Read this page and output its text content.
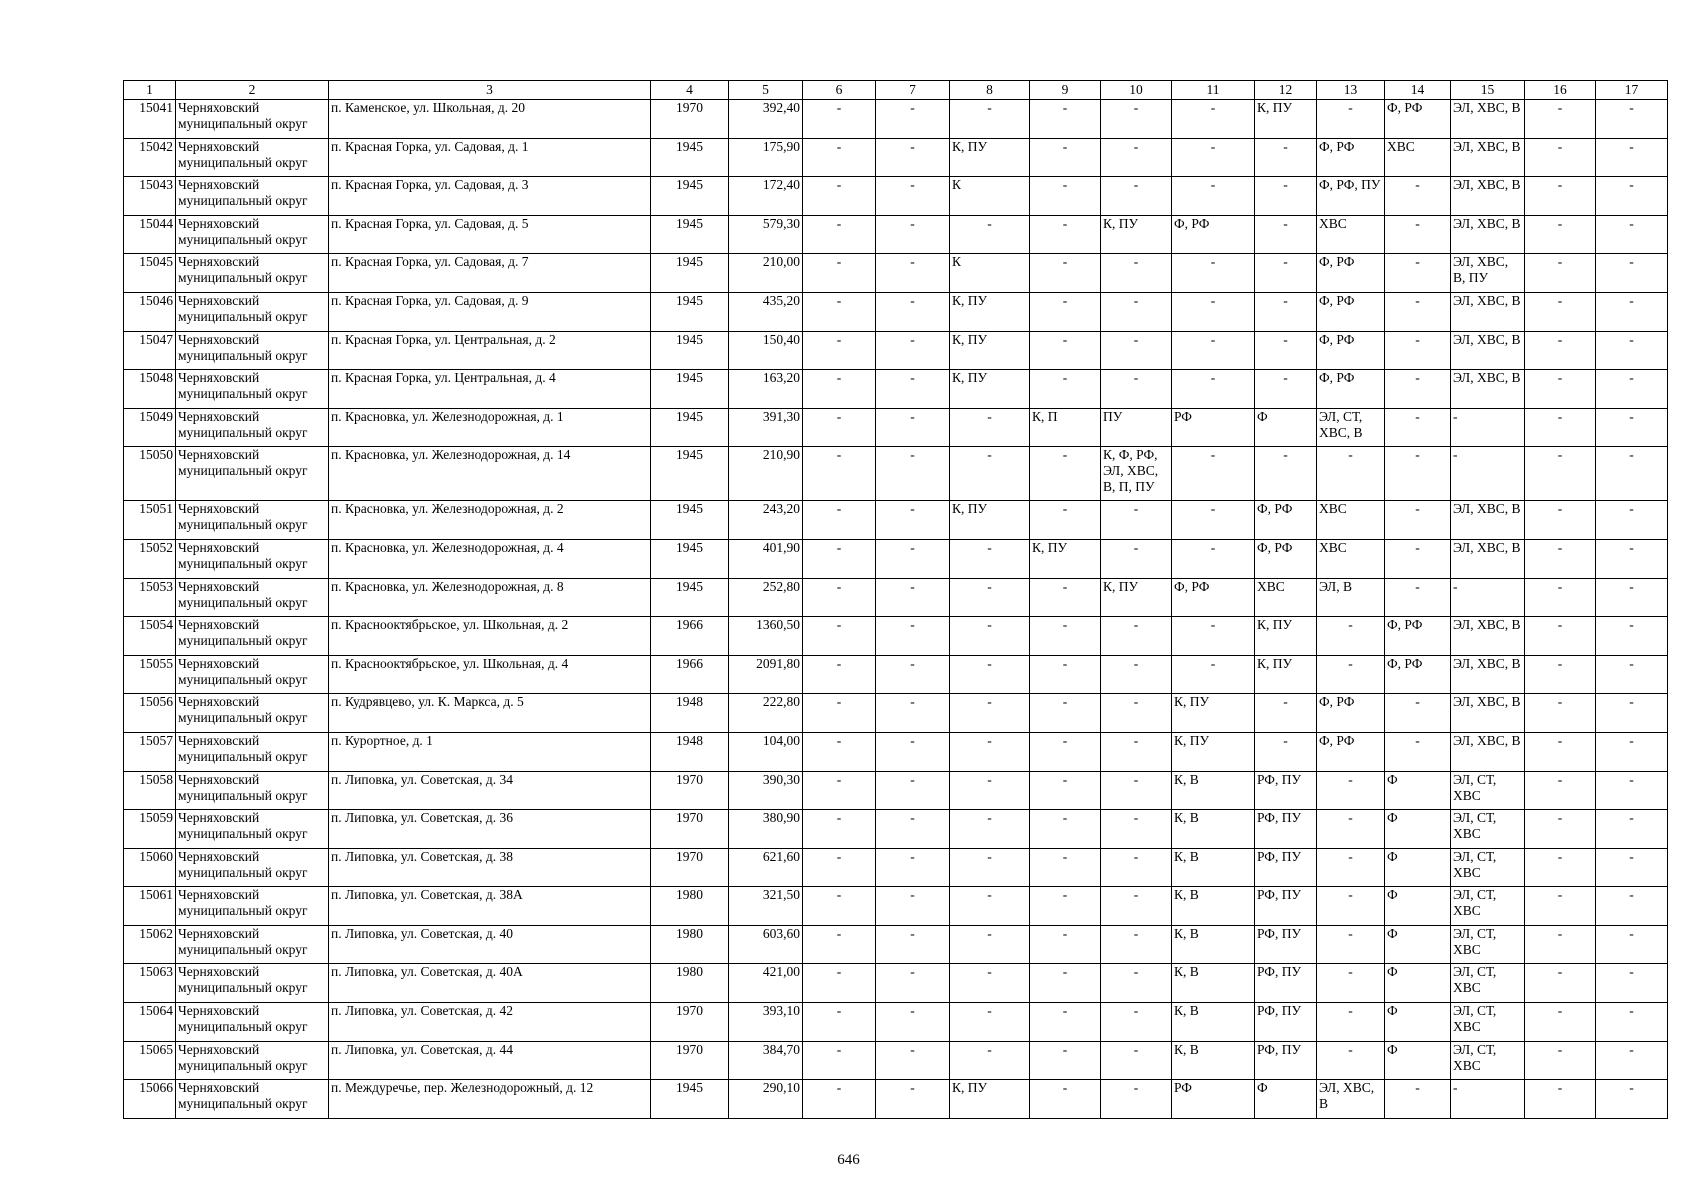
1	2	3	4	5	6	7	8	9	10	11	12	13	14	15	16	17
15041	Черняховский муниципальный округ	п. Каменское, ул. Школьная, д. 20	1970	392,40	-	-	-	-	-	-	К, ПУ	-	Ф, РФ	ЭЛ, ХВС, В	-	-
15042	Черняховский муниципальный округ	п. Красная Горка, ул. Садовая, д. 1	1945	175,90	-	-	К, ПУ	-	-	-	-	Ф, РФ	ХВС	ЭЛ, ХВС, В	-	-
15043	Черняховский муниципальный округ	п. Красная Горка, ул. Садовая, д. 3	1945	172,40	-	-	К	-	-	-	-	Ф, РФ, ПУ	-	ЭЛ, ХВС, В	-	-
15044	Черняховский муниципальный округ	п. Красная Горка, ул. Садовая, д. 5	1945	579,30	-	-	-	-	К, ПУ	Ф, РФ	-	ХВС	-	ЭЛ, ХВС, В	-	-
15045	Черняховский муниципальный округ	п. Красная Горка, ул. Садовая, д. 7	1945	210,00	-	-	К	-	-	-	-	Ф, РФ	-	ЭЛ, ХВС, В, ПУ	-	-
15046	Черняховский муниципальный округ	п. Красная Горка, ул. Садовая, д. 9	1945	435,20	-	-	К, ПУ	-	-	-	-	Ф, РФ	-	ЭЛ, ХВС, В	-	-
15047	Черняховский муниципальный округ	п. Красная Горка, ул. Центральная, д. 2	1945	150,40	-	-	К, ПУ	-	-	-	-	Ф, РФ	-	ЭЛ, ХВС, В	-	-
15048	Черняховский муниципальный округ	п. Красная Горка, ул. Центральная, д. 4	1945	163,20	-	-	К, ПУ	-	-	-	-	Ф, РФ	-	ЭЛ, ХВС, В	-	-
15049	Черняховский муниципальный округ	п. Красновка, ул. Железнодорожная, д. 1	1945	391,30	-	-	-	К, П	ПУ	РФ	Ф	ЭЛ, СТ, ХВС, В	-	-	-	-
15050	Черняховский муниципальный округ	п. Красновка, ул. Железнодорожная, д. 14	1945	210,90	-	-	-	-	К, Ф, РФ, ЭЛ, ХВС, В, П, ПУ	-	-	-	-	-	-	-
15051	Черняховский муниципальный округ	п. Красновка, ул. Железнодорожная, д. 2	1945	243,20	-	-	К, ПУ	-	-	-	Ф, РФ	ХВС	-	ЭЛ, ХВС, В	-	-
15052	Черняховский муниципальный округ	п. Красновка, ул. Железнодорожная, д. 4	1945	401,90	-	-	-	К, ПУ	-	-	Ф, РФ	ХВС	-	ЭЛ, ХВС, В	-	-
15053	Черняховский муниципальный округ	п. Красновка, ул. Железнодорожная, д. 8	1945	252,80	-	-	-	-	К, ПУ	Ф, РФ	ХВС	ЭЛ, В	-	-	-	-
15054	Черняховский муниципальный округ	п. Краснооктябрьское, ул. Школьная, д. 2	1966	1360,50	-	-	-	-	-	-	К, ПУ	-	Ф, РФ	ЭЛ, ХВС, В	-	-
15055	Черняховский муниципальный округ	п. Краснооктябрьское, ул. Школьная, д. 4	1966	2091,80	-	-	-	-	-	-	К, ПУ	-	Ф, РФ	ЭЛ, ХВС, В	-	-
15056	Черняховский муниципальный округ	п. Кудрявцево, ул. К. Маркса, д. 5	1948	222,80	-	-	-	-	-	К, ПУ	-	Ф, РФ	-	ЭЛ, ХВС, В	-	-
15057	Черняховский муниципальный округ	п. Курортное, д. 1	1948	104,00	-	-	-	-	-	К, ПУ	-	Ф, РФ	-	ЭЛ, ХВС, В	-	-
15058	Черняховский муниципальный округ	п. Липовка, ул. Советская, д. 34	1970	390,30	-	-	-	-	-	К, В	РФ, ПУ	-	Ф	ЭЛ, СТ, ХВС	-	-
15059	Черняховский муниципальный округ	п. Липовка, ул. Советская, д. 36	1970	380,90	-	-	-	-	-	К, В	РФ, ПУ	-	Ф	ЭЛ, СТ, ХВС	-	-
15060	Черняховский муниципальный округ	п. Липовка, ул. Советская, д. 38	1970	621,60	-	-	-	-	-	К, В	РФ, ПУ	-	Ф	ЭЛ, СТ, ХВС	-	-
15061	Черняховский муниципальный округ	п. Липовка, ул. Советская, д. 38А	1980	321,50	-	-	-	-	-	К, В	РФ, ПУ	-	Ф	ЭЛ, СТ, ХВС	-	-
15062	Черняховский муниципальный округ	п. Липовка, ул. Советская, д. 40	1980	603,60	-	-	-	-	-	К, В	РФ, ПУ	-	Ф	ЭЛ, СТ, ХВС	-	-
15063	Черняховский муниципальный округ	п. Липовка, ул. Советская, д. 40А	1980	421,00	-	-	-	-	-	К, В	РФ, ПУ	-	Ф	ЭЛ, СТ, ХВС	-	-
15064	Черняховский муниципальный округ	п. Липовка, ул. Советская, д. 42	1970	393,10	-	-	-	-	-	К, В	РФ, ПУ	-	Ф	ЭЛ, СТ, ХВС	-	-
15065	Черняховский муниципальный округ	п. Липовка, ул. Советская, д. 44	1970	384,70	-	-	-	-	-	К, В	РФ, ПУ	-	Ф	ЭЛ, СТ, ХВС	-	-
15066	Черняховский муниципальный округ	п. Междуречье, пер. Железнодорожный, д. 12	1945	290,10	-	-	К, ПУ	-	-	РФ	Ф	ЭЛ, ХВС, В	-	-	-	-
646
